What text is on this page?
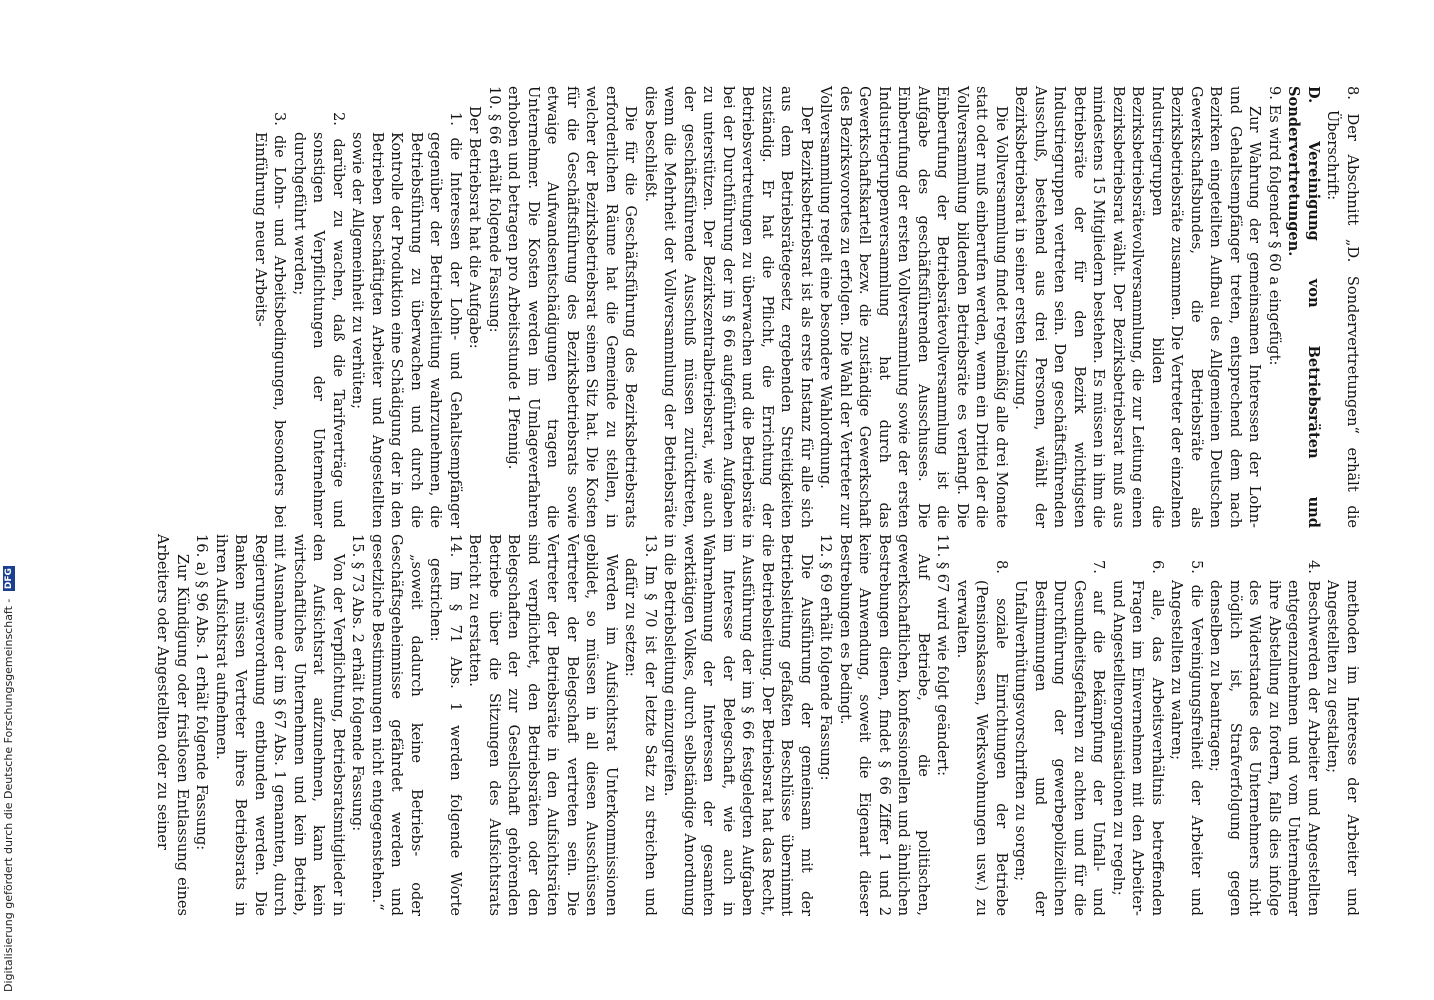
8. Der Abschnitt „D. Sondervertretungen“ erhält die Überschrift:

D. Vereinigung von Betriebsräten und Sondervertretungen.

9. Es wird folgender § 60 a eingefügt:

Zur Wahrung der gemeinsamen Interessen der Lohn- und Gehaltsempfänger treten, entsprechend dem nach Bezirken eingeteilten Aufbau des Allgemeinen Deutschen Gewerkschaftsbundes, die Betriebsräte als Bezirksbetriebsräte zusammen. Die Vertreter der einzelnen Industriegruppen bilden die Bezirksbetriebsrätevollversammlung, die zur Leitung einen Bezirksbetriebsrat wählt. Der Bezirksbetriebsrat muß aus mindestens 15 Mitgliedern bestehen. Es müssen in ihm die Betriebsräte der für den Bezirk wichtigsten Industriegruppen vertreten sein. Den geschäftsführenden Ausschuß, bestehend aus drei Personen, wählt der Bezirksbetriebsrat in seiner ersten Sitzung.

Die Vollversammlung findet regelmäßig alle drei Monate statt oder muß einberufen werden, wenn ein Drittel der die Vollversammlung bildenden Betriebsräte es verlangt. Die Einberufung der Betriebsrätevollversammlung ist die Aufgabe des geschäftsführenden Ausschusses. Die Einberufung der ersten Vollversammlung sowie der ersten Industriegruppenversammlung hat durch das Gewerkschaftskartell bezw. die zuständige Gewerkschaft des Bezirksvorortes zu erfolgen. Die Wahl der Vertreter zur Vollversammlung regelt eine besondere Wahlordnung.

Der Bezirksbetriebsrat ist als erste Instanz für alle sich aus dem Betriebsrätegesetz ergebenden Streitigkeiten zuständig. Er hat die Pflicht, die Errichtung der Betriebsvertretungen zu überwachen und die Betriebsräte bei der Durchführung der im § 66 aufgeführten Aufgaben zu unterstützen. Der Bezirkszentralbetriebsrat, wie auch der geschäftsführende Ausschuß müssen zurücktreten, wenn die Mehrheit der Vollversammlung der Betriebsräte dies beschließt.

Die für die Geschäftsführung des Bezirksbetriebsrats erforderlichen Räume hat die Gemeinde zu stellen, in welcher der Bezirksbetriebsrat seinen Sitz hat. Die Kosten für die Geschäftsführung des Bezirksbetriebsrats sowie etwaige Aufwandsentschädigungen tragen die Unternehmer. Die Kosten werden im Umlageverfahren erhoben und betragen pro Arbeitsstunde 1 Pfennig.

10. § 66 erhält folgende Fassung:

Der Betriebsrat hat die Aufgabe:

1. die Interessen der Lohn- und Gehaltsempfänger gegenüber der Betriebsleitung wahrzunehmen, die Betriebsführung zu überwachen und durch die Kontrolle der Produktion eine Schädigung der in den Betrieben beschäftigten Arbeiter und Angestellten sowie der Allgemeinheit zu verhüten;

2. darüber zu wachen, daß die Tarifverträge und sonstigen Verpflichtungen der Unternehmer durchgeführt werden;

3. die Lohn- und Arbeitsbedingungen, besonders bei Einführung neuer Arbeits-

methoden im Interesse der Arbeiter und Angestellten zu gestalten;

4. Beschwerden der Arbeiter und Angestellten entgegenzunehmen und vom Unternehmer ihre Abstellung zu fordern, falls dies infolge des Widerstandes des Unternehmers nicht möglich ist, Strafverfolgung gegen denselben zu beantragen;

5. die Vereinigungsfreiheit der Arbeiter und Angestellten zu wahren;

6. alle, das Arbeitsverhältnis betreffenden Fragen im Einvernehmen mit den Arbeiter- und Angestelltenorganisationen zu regeln;

7. auf die Bekämpfung der Unfall- und Gesundheitsgefahren zu achten und für die Durchführung der gewerbepolizeilichen Bestimmungen und der Unfallverhütungsvorschriften zu sorgen;

8. soziale Einrichtungen der Betriebe (Pensionskassen, Werkswohnungen usw.) zu verwalten.

11. § 67 wird wie folgt geändert:

Auf Betriebe, die politischen, gewerkschaftlichen, konfessionellen und ähnlichen Bestrebungen dienen, findet § 66 Ziffer 1 und 2 keine Anwendung, soweit die Eigenart dieser Bestrebungen es bedingt.

12. § 69 erhält folgende Fassung:

Die Ausführung der gemeinsam mit der Betriebsleitung gefaßten Beschlüsse übernimmt die Betriebsleitung. Der Betriebsrat hat das Recht, in Ausführung der im § 66 festgelegten Aufgaben im Interesse der Belegschaft, wie auch in Wahrnehmung der Interessen der gesamten werktätigen Volkes, durch selbständige Anordnung in die Betriebsleitung einzugreifen.

13. Im § 70 ist der letzte Satz zu streichen und dafür zu setzen:

Werden im Aufsichtsrat Unterkommissionen gebildet, so müssen in all diesen Ausschüssen Vertreter der Belegschaft vertreten sein. Die Vertreter der Betriebsräte in den Aufsichtsräten sind verpflichtet, den Betriebsräten oder den Belegschaften der zur Gesellschaft gehörenden Betriebe über die Sitzungen des Aufsichtsrats Bericht zu erstatten.

14. Im § 71 Abs. 1 werden folgende Worte gestrichen:

„soweit dadurch keine Betriebs- oder Geschäftsgeheimnisse gefährdet werden und gesetzliche Bestimmungen nicht entgegenstehen.“

15. § 73 Abs. 2 erhält folgende Fassung:

Von der Verpflichtung, Betriebsratsmitglieder in den Aufsichtsrat aufzunehmen, kann kein wirtschaftliches Unternehmen und kein Betrieb, mit Ausnahme der im § 67 Abs. 1 genannten, durch Regierungsverordnung entbunden werden. Die Banken müssen Vertreter ihres Betriebsrats in ihren Aufsichtsrat aufnehmen.

16. a) § 96 Abs. 1 erhält folgende Fassung:

Zur Kündigung oder fristlosen Entlassung eines Arbeiters oder Angestellten oder zu seiner

Digitalisierung gefördert durch die Deutsche Forschungsgemeinschaft - DFG
